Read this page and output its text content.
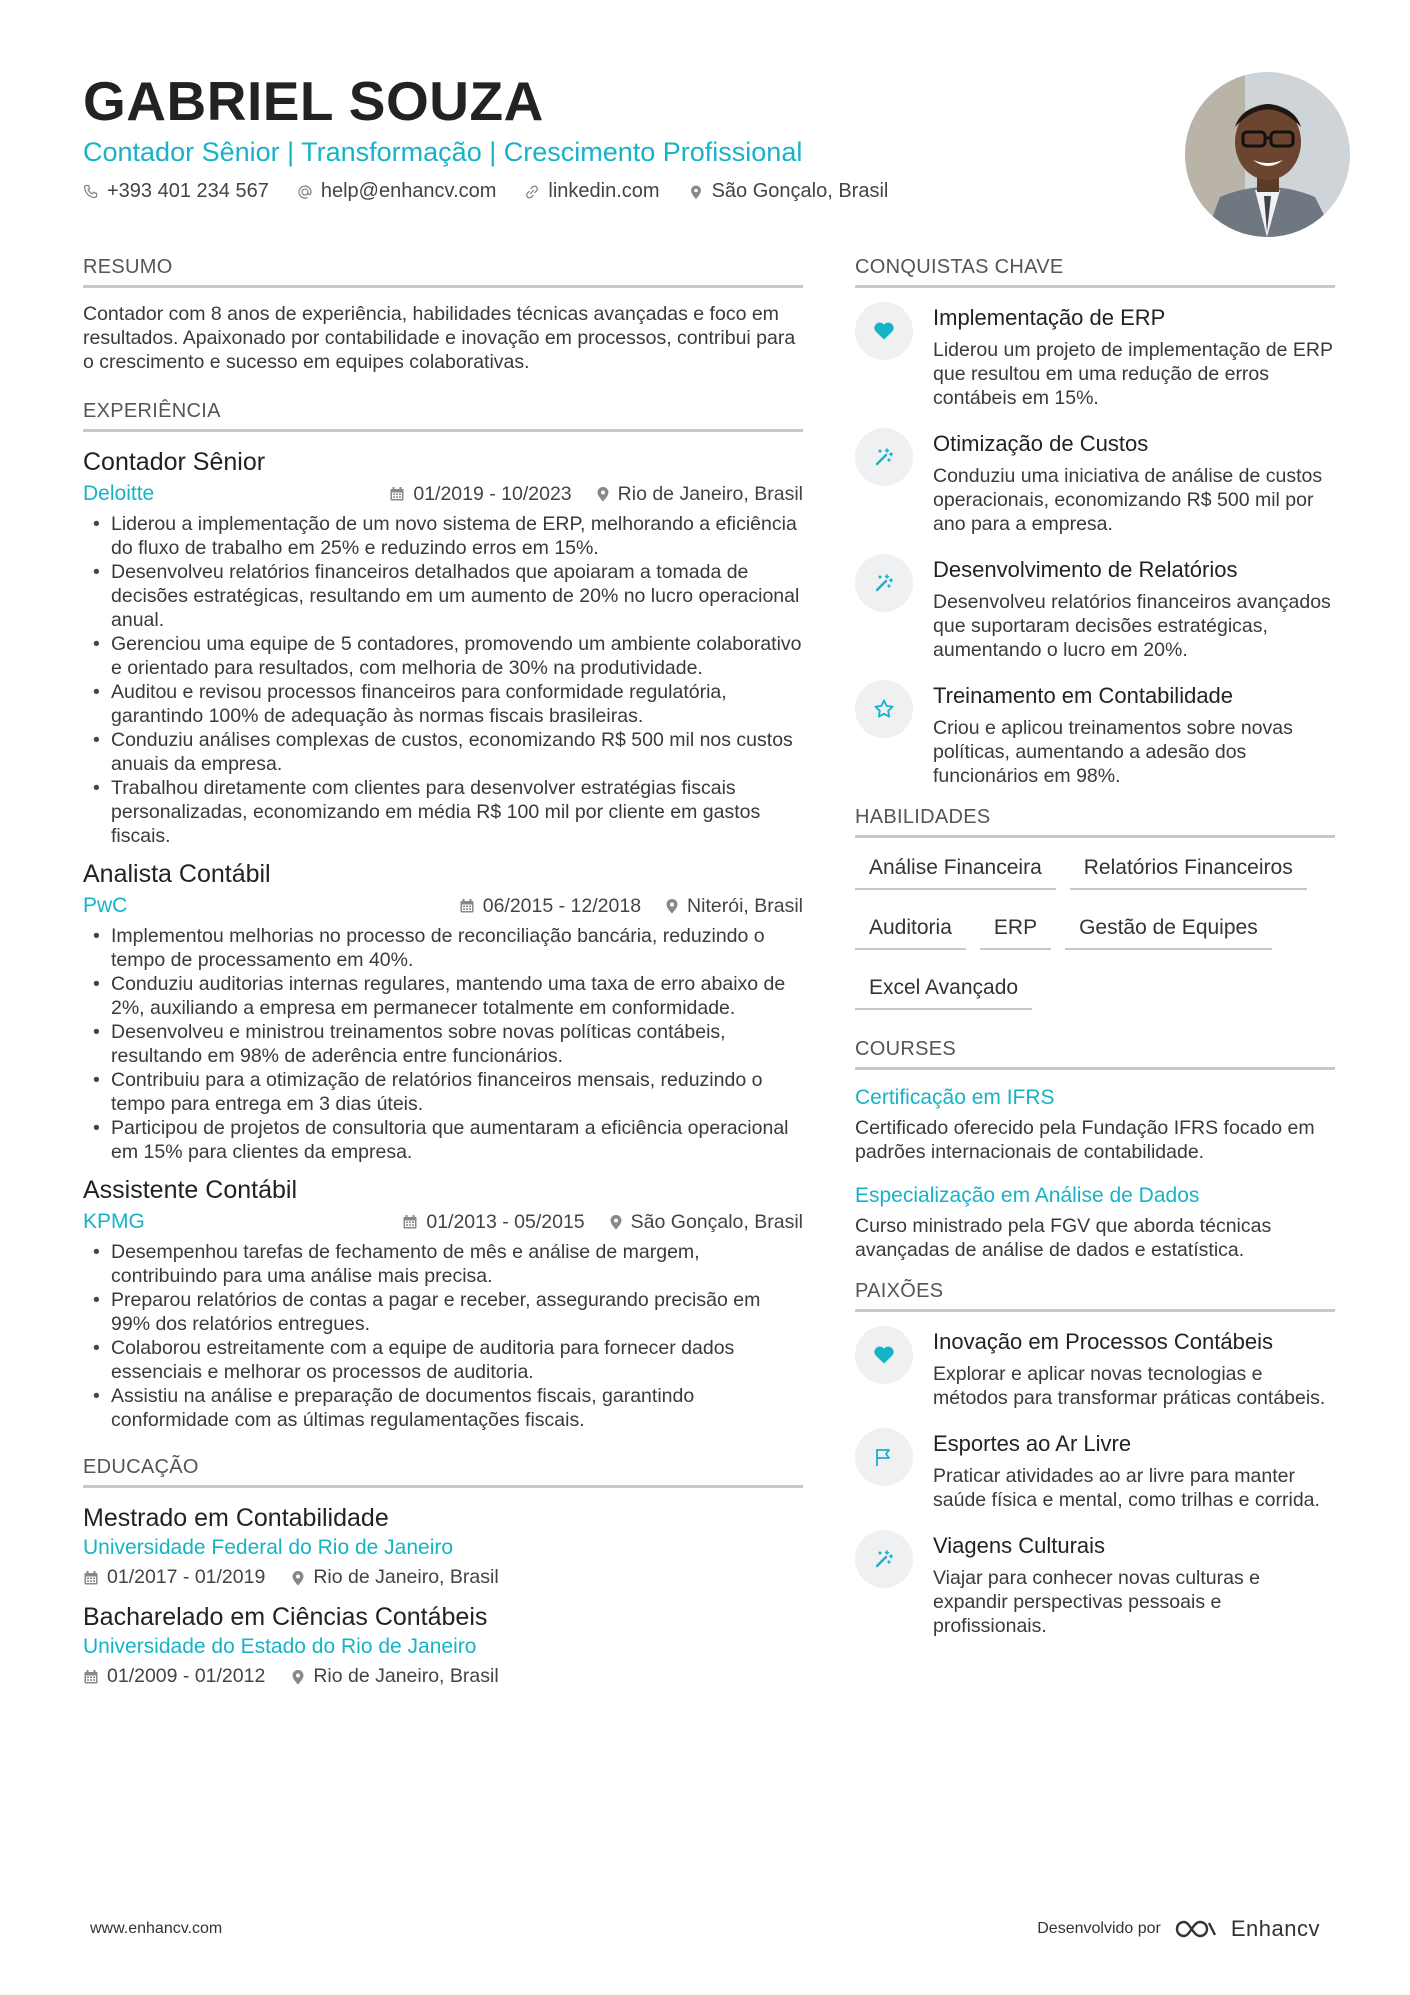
GABRIEL SOUZA
Contador Sênior | Transformação | Crescimento Profissional
+393 401 234 567	help@enhancv.com	linkedin.com	São Gonçalo, Brasil
RESUMO
Contador com 8 anos de experiência, habilidades técnicas avançadas e foco em resultados. Apaixonado por contabilidade e inovação em processos, contribui para o crescimento e sucesso em equipes colaborativas.
EXPERIÊNCIA
Contador Sênior
Deloitte	01/2019 - 10/2023 Rio de Janeiro, Brasil
• Liderou a implementação de um novo sistema de ERP, melhorando a eficiência do fluxo de trabalho em 25% e reduzindo erros em 15%.
• Desenvolveu relatórios financeiros detalhados que apoiaram a tomada de decisões estratégicas, resultando em um aumento de 20% no lucro operacional anual.
• Gerenciou uma equipe de 5 contadores, promovendo um ambiente colaborativo e orientado para resultados, com melhoria de 30% na produtividade.
• Auditou e revisou processos financeiros para conformidade regulatória, garantindo 100% de adequação às normas fiscais brasileiras.
• Conduziu análises complexas de custos, economizando R$ 500 mil nos custos anuais da empresa.
• Trabalhou diretamente com clientes para desenvolver estratégias fiscais personalizadas, economizando em média R$ 100 mil por cliente em gastos fiscais.
Analista Contábil
PwC	06/2015 - 12/2018 Niterói, Brasil
• Implementou melhorias no processo de reconciliação bancária, reduzindo o tempo de processamento em 40%.
• Conduziu auditorias internas regulares, mantendo uma taxa de erro abaixo de 2%, auxiliando a empresa em permanecer totalmente em conformidade.
• Desenvolveu e ministrou treinamentos sobre novas políticas contábeis, resultando em 98% de aderência entre funcionários.
• Contribuiu para a otimização de relatórios financeiros mensais, reduzindo o tempo para entrega em 3 dias úteis.
• Participou de projetos de consultoria que aumentaram a eficiência operacional em 15% para clientes da empresa.
Assistente Contábil
KPMG	01/2013 - 05/2015 São Gonçalo, Brasil
• Desempenhou tarefas de fechamento de mês e análise de margem, contribuindo para uma análise mais precisa.
• Preparou relatórios de contas a pagar e receber, assegurando precisão em 99% dos relatórios entregues.
• Colaborou estreitamente com a equipe de auditoria para fornecer dados essenciais e melhorar os processos de auditoria.
• Assistiu na análise e preparação de documentos fiscais, garantindo conformidade com as últimas regulamentações fiscais.
EDUCAÇÃO
Mestrado em Contabilidade
Universidade Federal do Rio de Janeiro
01/2017 - 01/2019 Rio de Janeiro, Brasil
Bacharelado em Ciências Contábeis
Universidade do Estado do Rio de Janeiro
01/2009 - 01/2012 Rio de Janeiro, Brasil
CONQUISTAS CHAVE
Implementação de ERP
Liderou um projeto de implementação de ERP que resultou em uma redução de erros contábeis em 15%.
Otimização de Custos
Conduziu uma iniciativa de análise de custos operacionais, economizando R$ 500 mil por ano para a empresa.
Desenvolvimento de Relatórios
Desenvolveu relatórios financeiros avançados que suportaram decisões estratégicas, aumentando o lucro em 20%.
Treinamento em Contabilidade
Criou e aplicou treinamentos sobre novas políticas, aumentando a adesão dos funcionários em 98%.
HABILIDADES
Análise Financeira	Relatórios Financeiros
Auditoria	ERP	Gestão de Equipes
Excel Avançado
COURSES
Certificação em IFRS
Certificado oferecido pela Fundação IFRS focado em padrões internacionais de contabilidade.
Especialização em Análise de Dados
Curso ministrado pela FGV que aborda técnicas avançadas de análise de dados e estatística.
PAIXÕES
Inovação em Processos Contábeis
Explorar e aplicar novas tecnologias e métodos para transformar práticas contábeis.
Esportes ao Ar Livre
Praticar atividades ao ar livre para manter saúde física e mental, como trilhas e corrida.
Viagens Culturais
Viajar para conhecer novas culturas e expandir perspectivas pessoais e profissionais.
www.enhancv.com	Desenvolvido por	Enhancv
